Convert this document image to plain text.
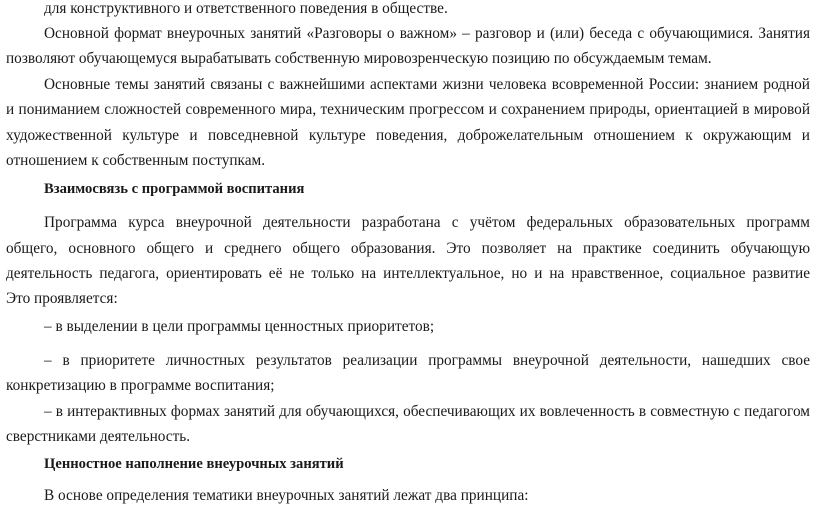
для конструктивного и ответственного поведения в обществе.
Основной формат внеурочных занятий «Разговоры о важном» – разговор и (или) беседа с обучающимися. Занятия
позволяют обучающемуся вырабатывать собственную мировозренческую позицию по обсуждаемым темам.
Основные темы занятий связаны с важнейшими аспектами жизни человека всовременной России: знанием родной
и пониманием сложностей современного мира, техническим прогрессом и сохранением природы, ориентацией в мировой
художественной культуре и повседневной культуре поведения, доброжелательным отношением к окружающим и
отношением к собственным поступкам.
Взаимосвязь с программой воспитания
Программа курса внеурочной деятельности разработана с учётом федеральных образовательных программ
общего, основного общего и среднего общего образования. Это позволяет на практике соединить обучающую
деятельность педагога, ориентировать её не только на интеллектуальное, но и на нравственное, социальное развитие
Это проявляется:
– в выделении в цели программы ценностных приоритетов;
– в приоритете личностных результатов реализации программы внеурочной деятельности, нашедших свое
конкретизацию в программе воспитания;
– в интерактивных формах занятий для обучающихся, обеспечивающих их вовлеченность в совместную с педагогом
сверстниками деятельность.
Ценностное наполнение внеурочных занятий
В основе определения тематики внеурочных занятий лежат два принципа:
